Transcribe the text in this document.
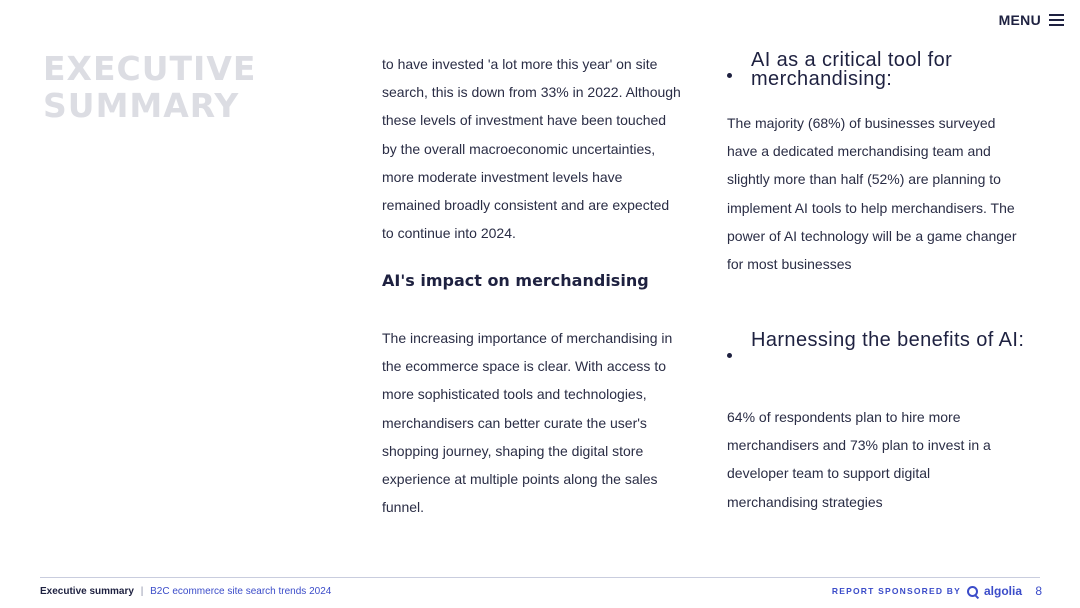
MENU
EXECUTIVE
SUMMARY

to have invested 'a lot more this year' on site search, this is down from 33% in 2022. Although these levels of investment have been touched by the overall macroeconomic uncertainties, more moderate investment levels have remained broadly consistent and are expected to continue into 2024.

AI's impact on merchandising

The increasing importance of merchandising in the ecommerce space is clear. With access to more sophisticated tools and technologies, merchandisers can better curate the user's shopping journey, shaping the digital store experience at multiple points along the sales funnel.

AI as a critical tool for merchandising:

The majority (68%) of businesses surveyed have a dedicated merchandising team and slightly more than half (52%) are planning to implement AI tools to help merchandisers. The power of AI technology will be a game changer for most businesses

Harnessing the benefits of AI:

64% of respondents plan to hire more merchandisers and 73% plan to invest in a developer team to support digital merchandising strategies

Executive summary | B2C ecommerce site search trends 2024	REPORT SPONSORED BY algolia 8
